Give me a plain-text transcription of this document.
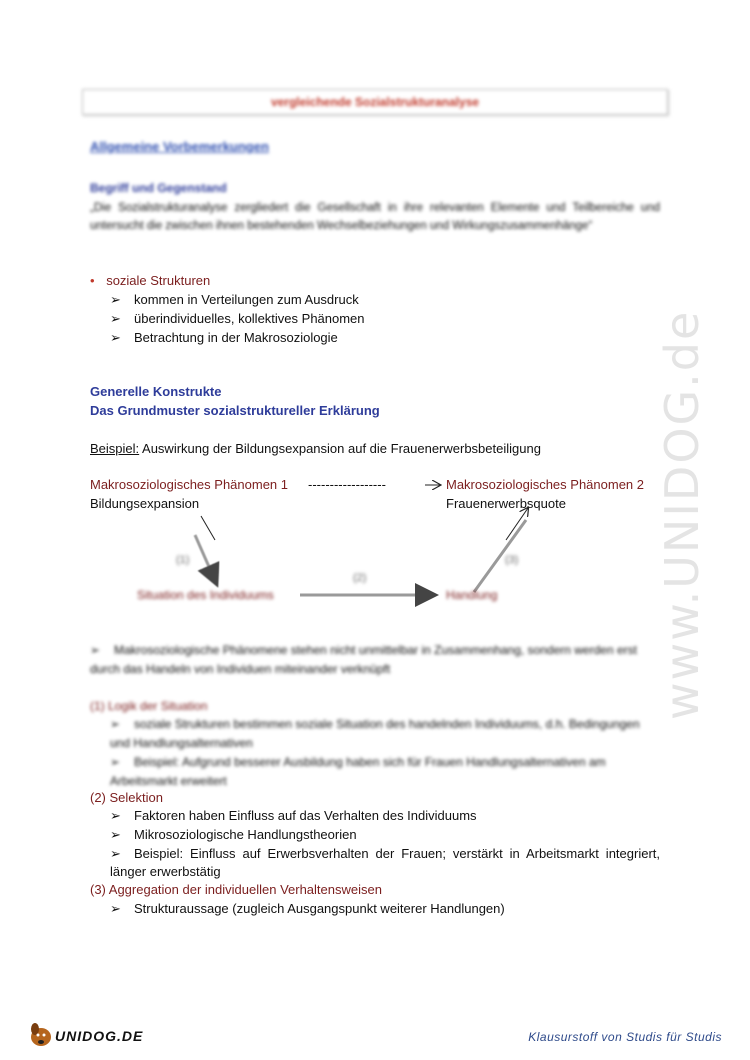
www.UNIDOG.de
vergleichende Sozialstrukturanalyse
Allgemeine Vorbemerkungen
Begriff und Gegenstand
„Die Sozialstrukturanalyse zergliedert die Gesellschaft in ihre relevanten Elemente und Teilbereiche und untersucht die zwischen ihnen bestehenden Wechselbeziehungen und Wirkungszusammenhänge“
• soziale Strukturen
➢ kommen in Verteilungen zum Ausdruck
➢ überindividuelles, kollektives Phänomen
➢ Betrachtung in der Makrosoziologie
Generelle Konstrukte
Das Grundmuster sozialstruktureller Erklärung
Beispiel: Auswirkung der Bildungsexpansion auf die Frauenerwerbsbeteiligung
Makrosoziologisches Phänomen 1
Bildungsexpansion
------------------	Makrosoziologisches Phänomen 2
Frauenerwerbsquote
(1)
(2)
(3)
Situation des Individuums	Handlung
➢ Makrosoziologische Phänomene stehen nicht unmittelbar in Zusammenhang, sondern werden erst durch das Handeln von Individuen miteinander verknüpft
(1) Logik der Situation
➢ soziale Strukturen bestimmen soziale Situation des handelnden Individuums, d.h. Bedingungen und Handlungsalternativen
➢ Beispiel: Aufgrund besserer Ausbildung haben sich für Frauen Handlungsalternativen am Arbeitsmarkt erweitert
(2) Selektion
➢ Faktoren haben Einfluss auf das Verhalten des Individuums
➢ Mikrosoziologische Handlungstheorien
➢ Beispiel: Einfluss auf Erwerbsverhalten der Frauen; verstärkt in Arbeitsmarkt integriert, länger erwerbstätig
(3) Aggregation der individuellen Verhaltensweisen
➢ Strukturaussage (zugleich Ausgangspunkt weiterer Handlungen)
UNIDOG.DE	Klausurstoff von Studis für Studis
